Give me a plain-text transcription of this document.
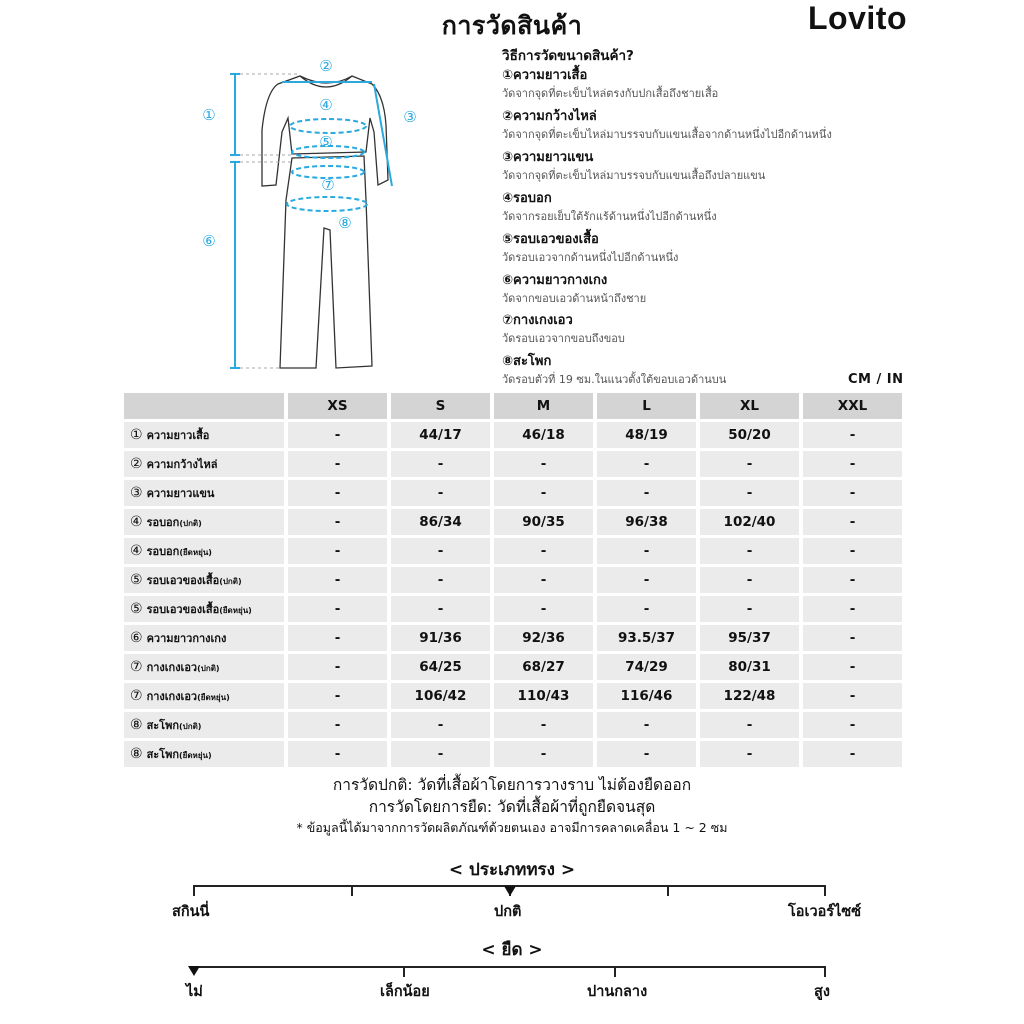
การวัดสินค้า	Lovito
①
②
③
④
⑤
⑥
⑦
⑧
วิธีการวัดขนาดสินค้า?
①ความยาวเสื้อ
วัดจากจุดที่ตะเข็บไหล่ตรงกับปกเสื้อถึงชายเสื้อ
②ความกว้างไหล่
วัดจากจุดที่ตะเข็บไหล่มาบรรจบกับแขนเสื้อจากด้านหนึ่งไปอีกด้านหนึ่ง
③ความยาวแขน
วัดจากจุดที่ตะเข็บไหล่มาบรรจบกับแขนเสื้อถึงปลายแขน
④รอบอก
วัดจากรอยเย็บใต้รักแร้ด้านหนึ่งไปอีกด้านหนึ่ง
⑤รอบเอวของเสื้อ
วัดรอบเอวจากด้านหนึ่งไปอีกด้านหนึ่ง
⑥ความยาวกางเกง
วัดจากขอบเอวด้านหน้าถึงชาย
⑦กางเกงเอว
วัดรอบเอวจากขอบถึงขอบ
⑧สะโพก
วัดรอบตัวที่ 19 ซม.ในแนวตั้งใต้ขอบเอวด้านบน	CM / IN
	XS	S	M	L	XL	XXL
① ความยาวเสื้อ	-	44/17	46/18	48/19	50/20	-
② ความกว้างไหล่	-	-	-	-	-	-
③ ความยาวแขน	-	-	-	-	-	-
④ รอบอก(ปกติ)	-	86/34	90/35	96/38	102/40	-
④ รอบอก(ยืดหยุ่น)	-	-	-	-	-	-
⑤ รอบเอวของเสื้อ(ปกติ)	-	-	-	-	-	-
⑤ รอบเอวของเสื้อ(ยืดหยุ่น)	-	-	-	-	-	-
⑥ ความยาวกางเกง	-	91/36	92/36	93.5/37	95/37	-
⑦ กางเกงเอว(ปกติ)	-	64/25	68/27	74/29	80/31	-
⑦ กางเกงเอว(ยืดหยุ่น)	-	106/42	110/43	116/46	122/48	-
⑧ สะโพก(ปกติ)	-	-	-	-	-	-
⑧ สะโพก(ยืดหยุ่น)	-	-	-	-	-	-
การวัดปกติ: วัดที่เสื้อผ้าโดยการวางราบ ไม่ต้องยืดออก
การวัดโดยการยืด: วัดที่เสื้อผ้าที่ถูกยืดจนสุด
* ข้อมูลนี้ได้มาจากการวัดผลิตภัณฑ์ด้วยตนเอง อาจมีการคลาดเคลื่อน 1 ~ 2 ซม
< ประเภททรง >
สกินนี่	ปกติ	โอเวอร์ไซซ์
< ยืด >
ไม่	เล็กน้อย	ปานกลาง	สูง
